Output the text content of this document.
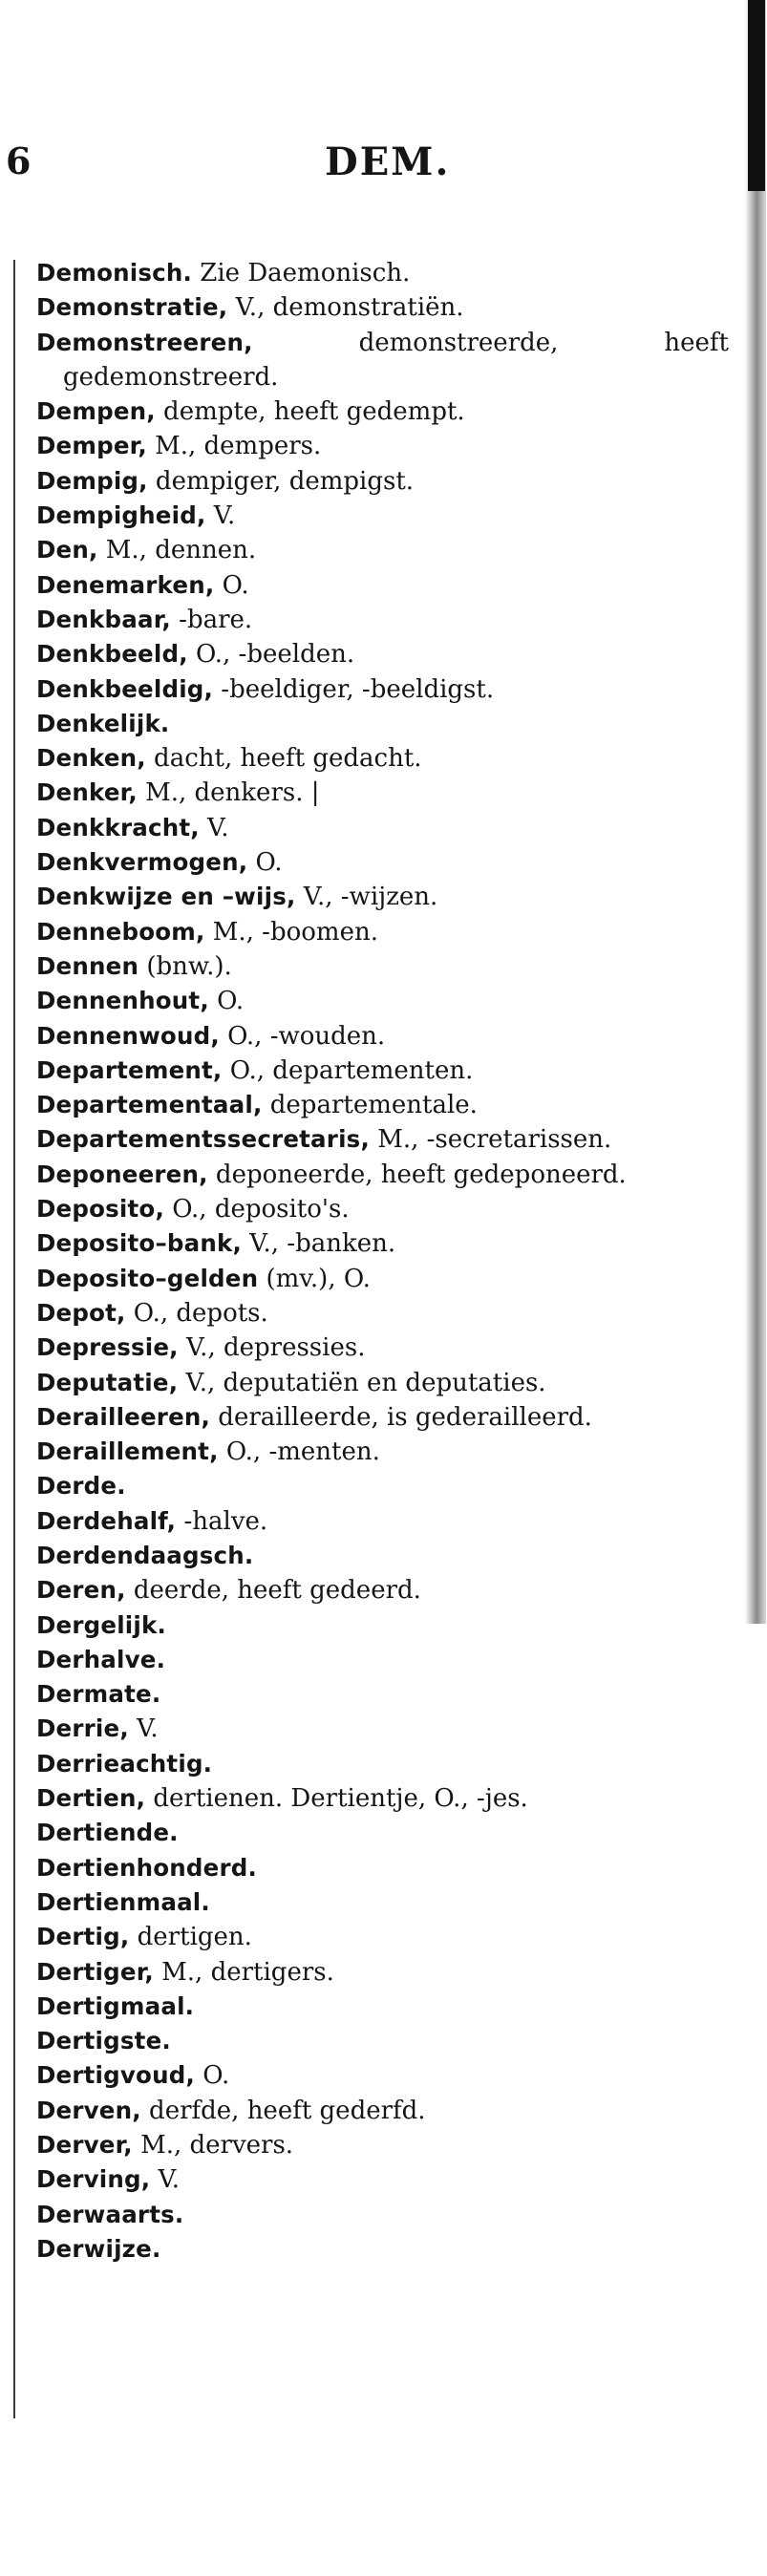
6	DEM.
Demonisch. Zie Daemonisch.
Demonstratie, V., demonstratiën.
Demonstreeren, demonstreerde, heeft gedemonstreerd.
Dempen, dempte, heeft gedempt.
Demper, M., dempers.
Dempig, dempiger, dempigst.
Dempigheid, V.
Den, M., dennen.
Denemarken, O.
Denkbaar, -bare.
Denkbeeld, O., -beelden.
Denkbeeldig, -beeldiger, -beeldigst.
Denkelijk.
Denken, dacht, heeft gedacht.
Denker, M., denkers. |
Denkkracht, V.
Denkvermogen, O.
Denkwijze en –wijs, V., -wijzen.
Denneboom, M., -boomen.
Dennen (bnw.).
Dennenhout, O.
Dennenwoud, O., -wouden.
Departement, O., departementen.
Departementaal, departementale.
Departementssecretaris, M., -secretarissen.
Deponeeren, deponeerde, heeft gedeponeerd.
Deposito, O., deposito's.
Deposito–bank, V., -banken.
Deposito–gelden (mv.), O.
Depot, O., depots.
Depressie, V., depressies.
Deputatie, V., deputatiën en deputaties.
Derailleeren, derailleerde, is gederailleerd.
Deraillement, O., -menten.
Derde.
Derdehalf, -halve.
Derdendaagsch.
Deren, deerde, heeft gedeerd.
Dergelijk.
Derhalve.
Dermate.
Derrie, V.
Derrieachtig.
Dertien, dertienen. Dertientje, O., -jes.
Dertiende.
Dertienhonderd.
Dertienmaal.
Dertig, dertigen.
Dertiger, M., dertigers.
Dertigmaal.
Dertigste.
Dertigvoud, O.
Derven, derfde, heeft gederfd.
Derver, M., dervers.
Derving, V.
Derwaarts.
Derwijze.
